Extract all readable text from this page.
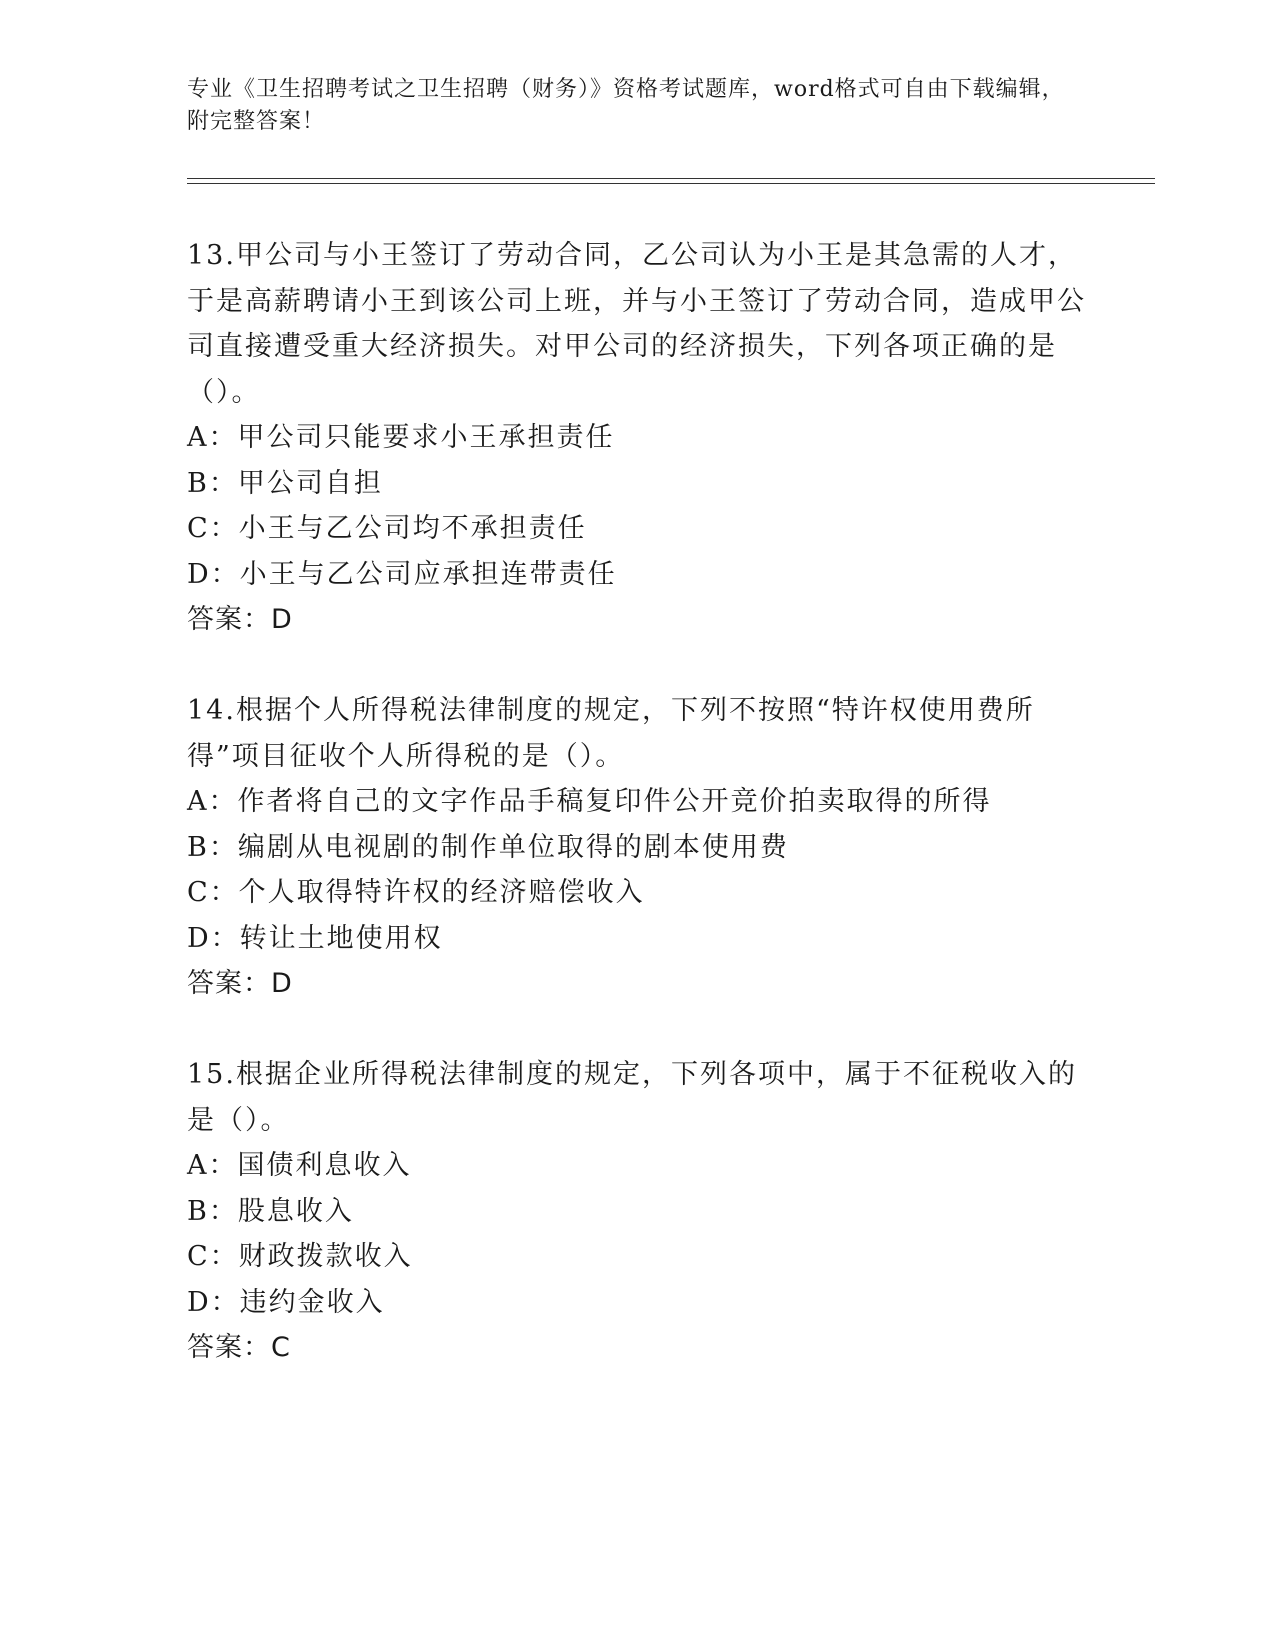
专业《卫生招聘考试之卫生招聘（财务）》资格考试题库，word格式可自由下载编辑，附完整答案！
13.甲公司与小王签订了劳动合同，乙公司认为小王是其急需的人才，于是高薪聘请小王到该公司上班，并与小王签订了劳动合同，造成甲公司直接遭受重大经济损失。对甲公司的经济损失，下列各项正确的是（）。
A：甲公司只能要求小王承担责任
B：甲公司自担
C：小王与乙公司均不承担责任
D：小王与乙公司应承担连带责任
答案：D
14.根据个人所得税法律制度的规定，下列不按照“特许权使用费所得”项目征收个人所得税的是（）。
A：作者将自己的文字作品手稿复印件公开竞价拍卖取得的所得
B：编剧从电视剧的制作单位取得的剧本使用费
C：个人取得特许权的经济赔偿收入
D：转让土地使用权
答案：D
15.根据企业所得税法律制度的规定，下列各项中，属于不征税收入的是（）。
A：国债利息收入
B：股息收入
C：财政拨款收入
D：违约金收入
答案：C
